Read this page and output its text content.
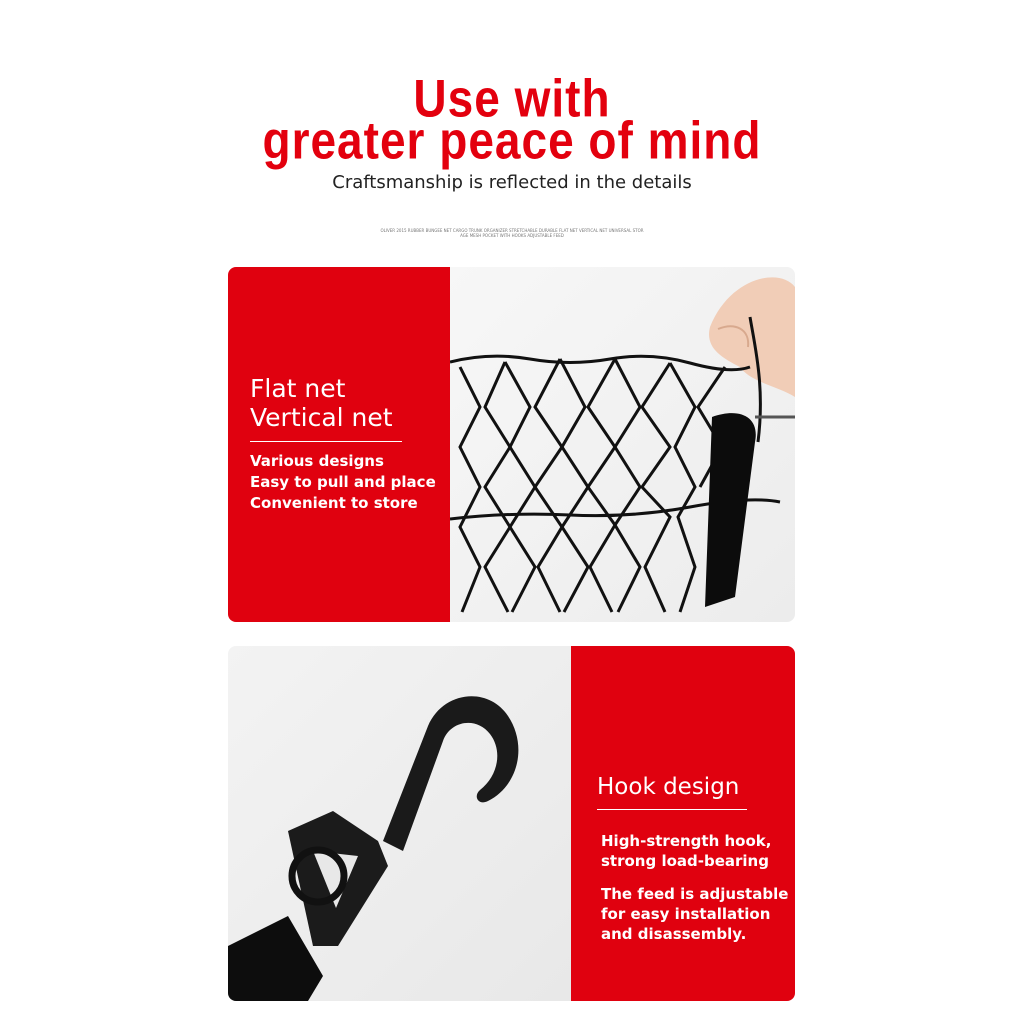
Use with
greater peace of mind
Craftsmanship is reflected in the details
OLIVER 2015 RUBBER BUNGEE NET CARGO TRUNK ORGANIZER STRETCHABLE DURABLE FLAT NET VERTICAL NET UNIVERSAL STORAGE MESH POCKET WITH HOOKS ADJUSTABLE FEED
Flat net
Vertical net
Various designs
Easy to pull and place
Convenient to store
Hook design
High-strength hook,
strong load-bearing
The feed is adjustable
for easy installation
and disassembly.
